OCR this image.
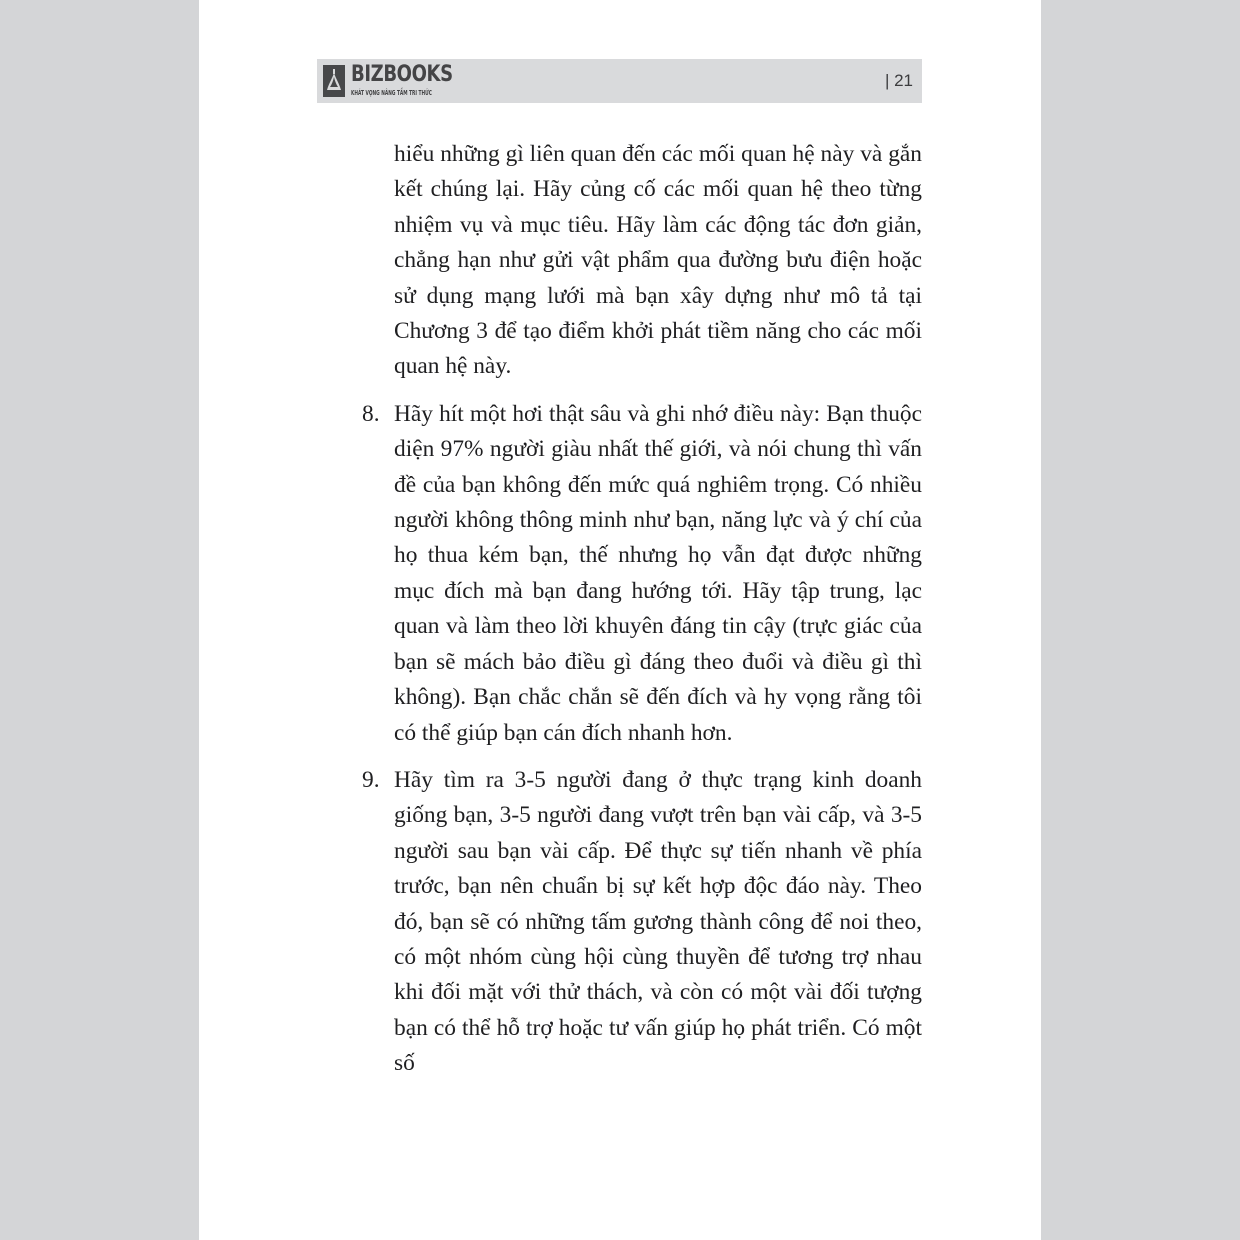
BIZBOOKS
KHÁT VỌNG NÂNG TẦM TRI THỨC
| 21

hiểu những gì liên quan đến các mối quan hệ này và gắn kết chúng lại. Hãy củng cố các mối quan hệ theo từng nhiệm vụ và mục tiêu. Hãy làm các động tác đơn giản, chẳng hạn như gửi vật phẩm qua đường bưu điện hoặc sử dụng mạng lưới mà bạn xây dựng như mô tả tại Chương 3 để tạo điểm khởi phát tiềm năng cho các mối quan hệ này.

8. Hãy hít một hơi thật sâu và ghi nhớ điều này: Bạn thuộc diện 97% người giàu nhất thế giới, và nói chung thì vấn đề của bạn không đến mức quá nghiêm trọng. Có nhiều người không thông minh như bạn, năng lực và ý chí của họ thua kém bạn, thế nhưng họ vẫn đạt được những mục đích mà bạn đang hướng tới. Hãy tập trung, lạc quan và làm theo lời khuyên đáng tin cậy (trực giác của bạn sẽ mách bảo điều gì đáng theo đuổi và điều gì thì không). Bạn chắc chắn sẽ đến đích và hy vọng rằng tôi có thể giúp bạn cán đích nhanh hơn.
9. Hãy tìm ra 3-5 người đang ở thực trạng kinh doanh giống bạn, 3-5 người đang vượt trên bạn vài cấp, và 3-5 người sau bạn vài cấp. Để thực sự tiến nhanh về phía trước, bạn nên chuẩn bị sự kết hợp độc đáo này. Theo đó, bạn sẽ có những tấm gương thành công để noi theo, có một nhóm cùng hội cùng thuyền để tương trợ nhau khi đối mặt với thử thách, và còn có một vài đối tượng bạn có thể hỗ trợ hoặc tư vấn giúp họ phát triển. Có một số
